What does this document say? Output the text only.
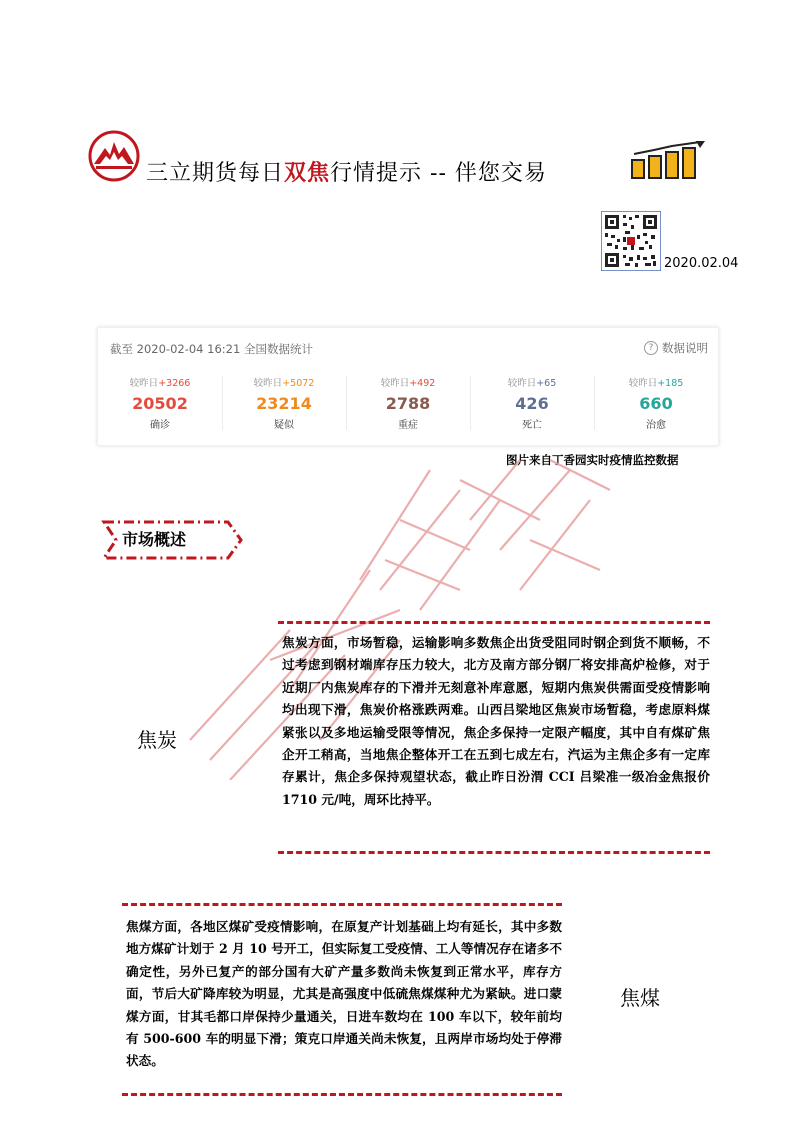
三立期货每日双焦行情提示 -- 伴您交易
2020.02.04
截至 2020-02-04 16:21 全国数据统计	? 数据说明
较昨日+3266
20502
确诊
较昨日+5072
23214
疑似
较昨日+492
2788
重症
较昨日+65
426
死亡
较昨日+185
660
治愈
图片来自丁香园实时疫情监控数据
市场概述
焦炭方面，市场暂稳，运输影响多数焦企出货受阻同时钢企到货不顺畅，不过考虑到钢材端库存压力较大，北方及南方部分钢厂将安排高炉检修，对于近期厂内焦炭库存的下滑并无刻意补库意愿，短期内焦炭供需面受疫情影响均出现下滑，焦炭价格涨跌两难。山西吕梁地区焦炭市场暂稳，考虑原料煤紧张以及多地运输受限等情况，焦企多保持一定限产幅度，其中自有煤矿焦企开工稍高，当地焦企整体开工在五到七成左右，汽运为主焦企多有一定库存累计，焦企多保持观望状态，截止昨日汾渭 CCI 吕梁准一级冶金焦报价 1710 元/吨，周环比持平。
焦炭
焦煤方面，各地区煤矿受疫情影响，在原复产计划基础上均有延长，其中多数地方煤矿计划于 2 月 10 号开工，但实际复工受疫情、工人等情况存在诸多不确定性，另外已复产的部分国有大矿产量多数尚未恢复到正常水平，库存方面，节后大矿降库较为明显，尤其是高强度中低硫焦煤煤种尤为紧缺。进口蒙煤方面，甘其毛都口岸保持少量通关，日进车数均在 100 车以下，较年前均有 500-600 车的明显下滑；策克口岸通关尚未恢复，且两岸市场均处于停滞状态。
焦煤
